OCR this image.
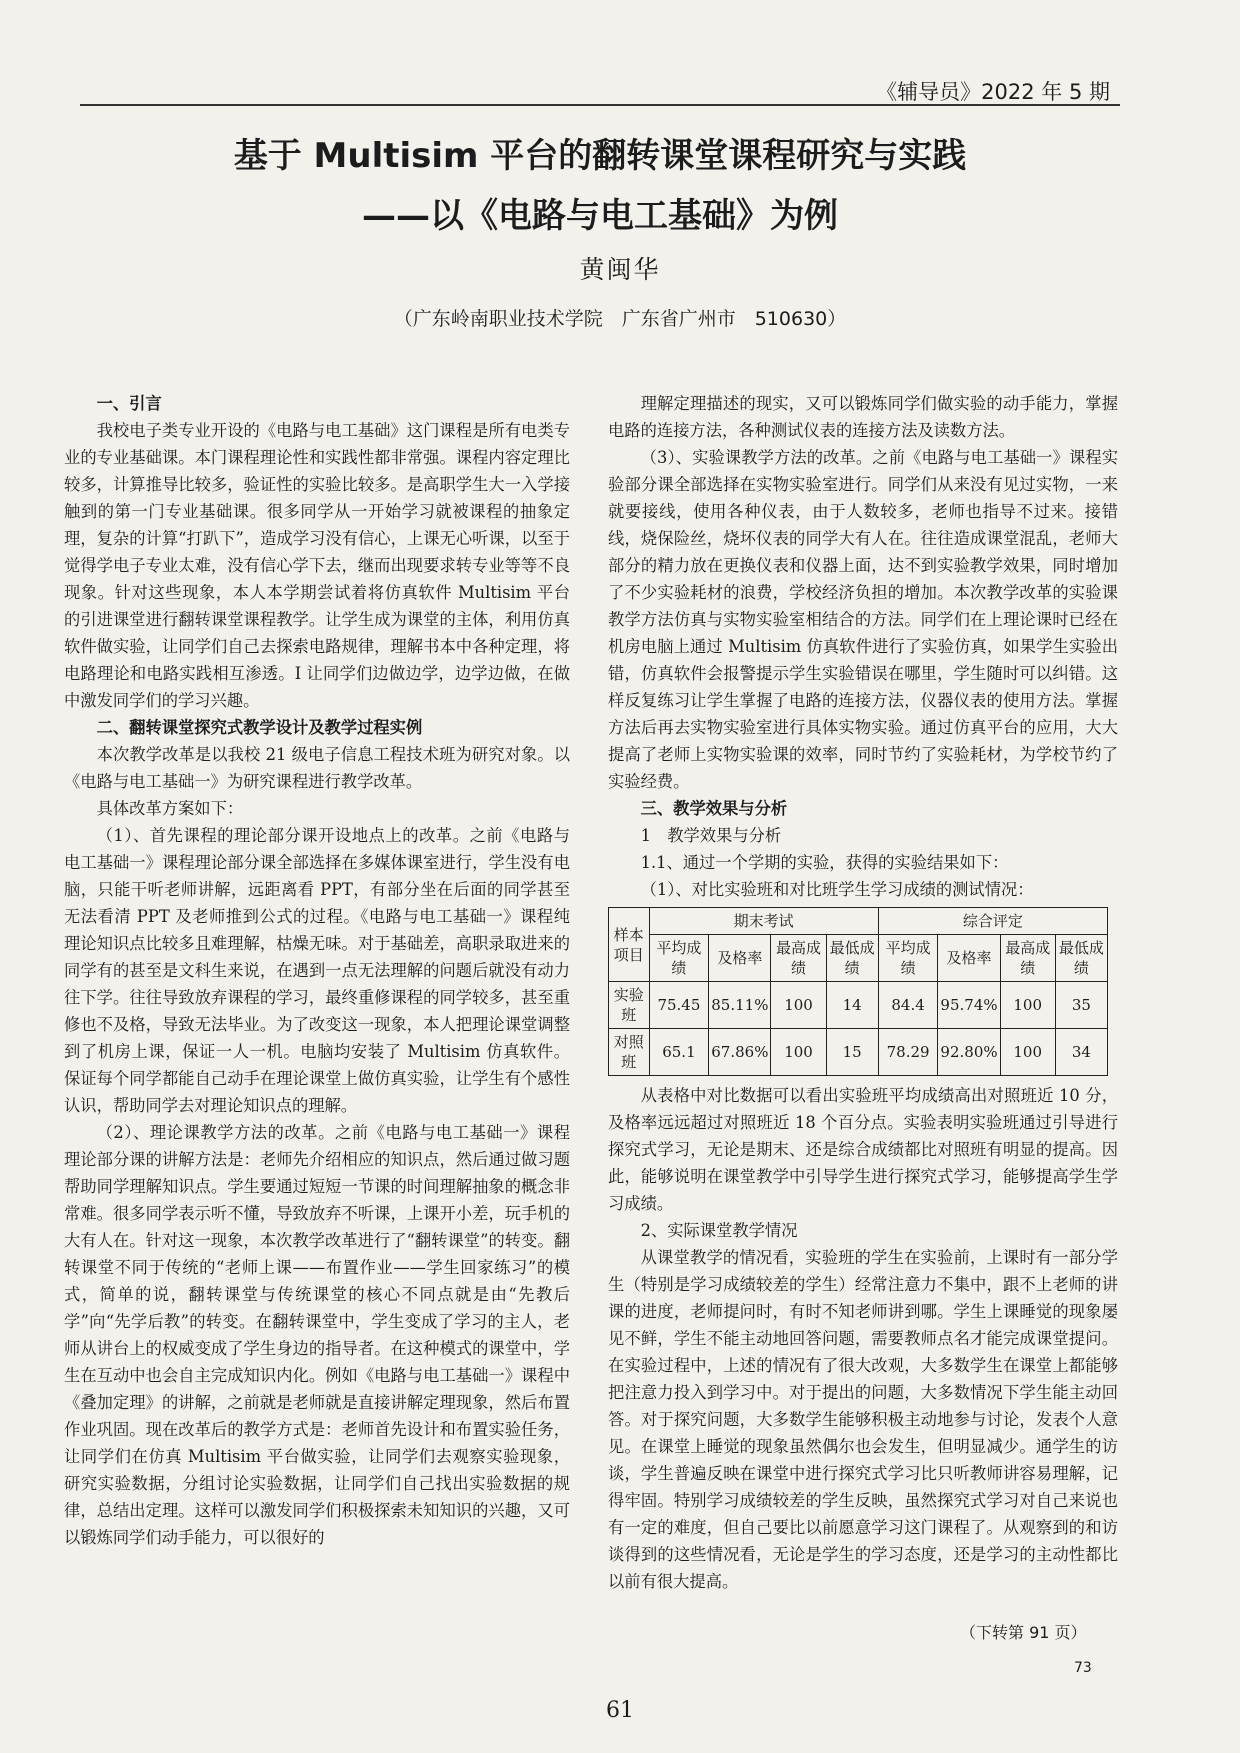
《辅导员》2022 年 5 期
基于 Multisim 平台的翻转课堂课程研究与实践
——以《电路与电工基础》为例
黄闽华
（广东岭南职业技术学院　广东省广州市　510630）
一、引言

我校电子类专业开设的《电路与电工基础》这门课程是所有电类专业的专业基础课。本门课程理论性和实践性都非常强。课程内容定理比较多，计算推导比较多，验证性的实验比较多。是高职学生大一入学接触到的第一门专业基础课。很多同学从一开始学习就被课程的抽象定理，复杂的计算“打趴下”，造成学习没有信心，上课无心听课，以至于觉得学电子专业太难，没有信心学下去，继而出现要求转专业等等不良现象。针对这些现象，本人本学期尝试着将仿真软件 Multisim 平台的引进课堂进行翻转课堂课程教学。让学生成为课堂的主体，利用仿真软件做实验，让同学们自己去探索电路规律，理解书本中各种定理，将电路理论和电路实践相互渗透。I 让同学们边做边学，边学边做，在做中激发同学们的学习兴趣。

二、翻转课堂探究式教学设计及教学过程实例

本次教学改革是以我校 21 级电子信息工程技术班为研究对象。以《电路与电工基础一》为研究课程进行教学改革。

具体改革方案如下：

（1）、首先课程的理论部分课开设地点上的改革。之前《电路与电工基础一》课程理论部分课全部选择在多媒体课室进行，学生没有电脑，只能干听老师讲解，远距离看 PPT，有部分坐在后面的同学甚至无法看清 PPT 及老师推到公式的过程。《电路与电工基础一》课程纯理论知识点比较多且难理解，枯燥无味。对于基础差，高职录取进来的同学有的甚至是文科生来说，在遇到一点无法理解的问题后就没有动力往下学。往往导致放弃课程的学习，最终重修课程的同学较多，甚至重修也不及格，导致无法毕业。为了改变这一现象，本人把理论课堂调整到了机房上课，保证一人一机。电脑均安装了 Multisim 仿真软件。保证每个同学都能自己动手在理论课堂上做仿真实验，让学生有个感性认识，帮助同学去对理论知识点的理解。

（2）、理论课教学方法的改革。之前《电路与电工基础一》课程理论部分课的讲解方法是：老师先介绍相应的知识点，然后通过做习题帮助同学理解知识点。学生要通过短短一节课的时间理解抽象的概念非常难。很多同学表示听不懂，导致放弃不听课，上课开小差，玩手机的大有人在。针对这一现象，本次教学改革进行了“翻转课堂”的转变。翻转课堂不同于传统的“老师上课——布置作业——学生回家练习”的模式，简单的说，翻转课堂与传统课堂的核心不同点就是由“先教后学”向“先学后教”的转变。在翻转课堂中，学生变成了学习的主人，老师从讲台上的权威变成了学生身边的指导者。在这种模式的课堂中，学生在互动中也会自主完成知识内化。例如《电路与电工基础一》课程中《叠加定理》的讲解，之前就是老师就是直接讲解定理现象，然后布置作业巩固。现在改革后的教学方式是：老师首先设计和布置实验任务，让同学们在仿真 Multisim 平台做实验，让同学们去观察实验现象，研究实验数据，分组讨论实验数据，让同学们自己找出实验数据的规律，总结出定理。这样可以激发同学们积极探索未知知识的兴趣，又可以锻炼同学们动手能力，可以很好的

理解定理描述的现实，又可以锻炼同学们做实验的动手能力，掌握电路的连接方法，各种测试仪表的连接方法及读数方法。

（3）、实验课教学方法的改革。之前《电路与电工基础一》课程实验部分课全部选择在实物实验室进行。同学们从来没有见过实物，一来就要接线，使用各种仪表，由于人数较多，老师也指导不过来。接错线，烧保险丝，烧坏仪表的同学大有人在。往往造成课堂混乱，老师大部分的精力放在更换仪表和仪器上面，达不到实验教学效果，同时增加了不少实验耗材的浪费，学校经济负担的增加。本次教学改革的实验课教学方法仿真与实物实验室相结合的方法。同学们在上理论课时已经在机房电脑上通过 Multisim 仿真软件进行了实验仿真，如果学生实验出错，仿真软件会报警提示学生实验错误在哪里，学生随时可以纠错。这样反复练习让学生掌握了电路的连接方法，仪器仪表的使用方法。掌握方法后再去实物实验室进行具体实物实验。通过仿真平台的应用，大大提高了老师上实物实验课的效率，同时节约了实验耗材，为学校节约了实验经费。

三、教学效果与分析
1　教学效果与分析
1.1、通过一个学期的实验，获得的实验结果如下：
（1）、对比实验班和对比班学生学习成绩的测试情况：
样本
项目	期末考试				综合评定			
	平均成绩	及格率	最高成绩	最低成绩	平均成绩	及格率	最高成绩	最低成绩
实验班	75.45	85.11%	100	14	84.4	95.74%	100	35
对照班	65.1	67.86%	100	15	78.29	92.80%	100	34

从表格中对比数据可以看出实验班平均成绩高出对照班近 10 分，及格率远远超过对照班近 18 个百分点。实验表明实验班通过引导进行探究式学习，无论是期末、还是综合成绩都比对照班有明显的提高。因此，能够说明在课堂教学中引导学生进行探究式学习，能够提高学生学习成绩。

2、实际课堂教学情况

从课堂教学的情况看，实验班的学生在实验前，上课时有一部分学生（特别是学习成绩较差的学生）经常注意力不集中，跟不上老师的讲课的进度，老师提问时，有时不知老师讲到哪。学生上课睡觉的现象屡见不鲜，学生不能主动地回答问题，需要教师点名才能完成课堂提问。在实验过程中，上述的情况有了很大改观，大多数学生在课堂上都能够把注意力投入到学习中。对于提出的问题，大多数情况下学生能主动回答。对于探究问题，大多数学生能够积极主动地参与讨论，发表个人意见。在课堂上睡觉的现象虽然偶尔也会发生，但明显减少。通学生的访谈，学生普遍反映在课堂中进行探究式学习比只听教师讲容易理解，记得牢固。特别学习成绩较差的学生反映，虽然探究式学习对自己来说也有一定的难度，但自己要比以前愿意学习这门课程了。从观察到的和访谈得到的这些情况看，无论是学生的学习态度，还是学习的主动性都比以前有很大提高。

（下转第 91 页）
73
61
